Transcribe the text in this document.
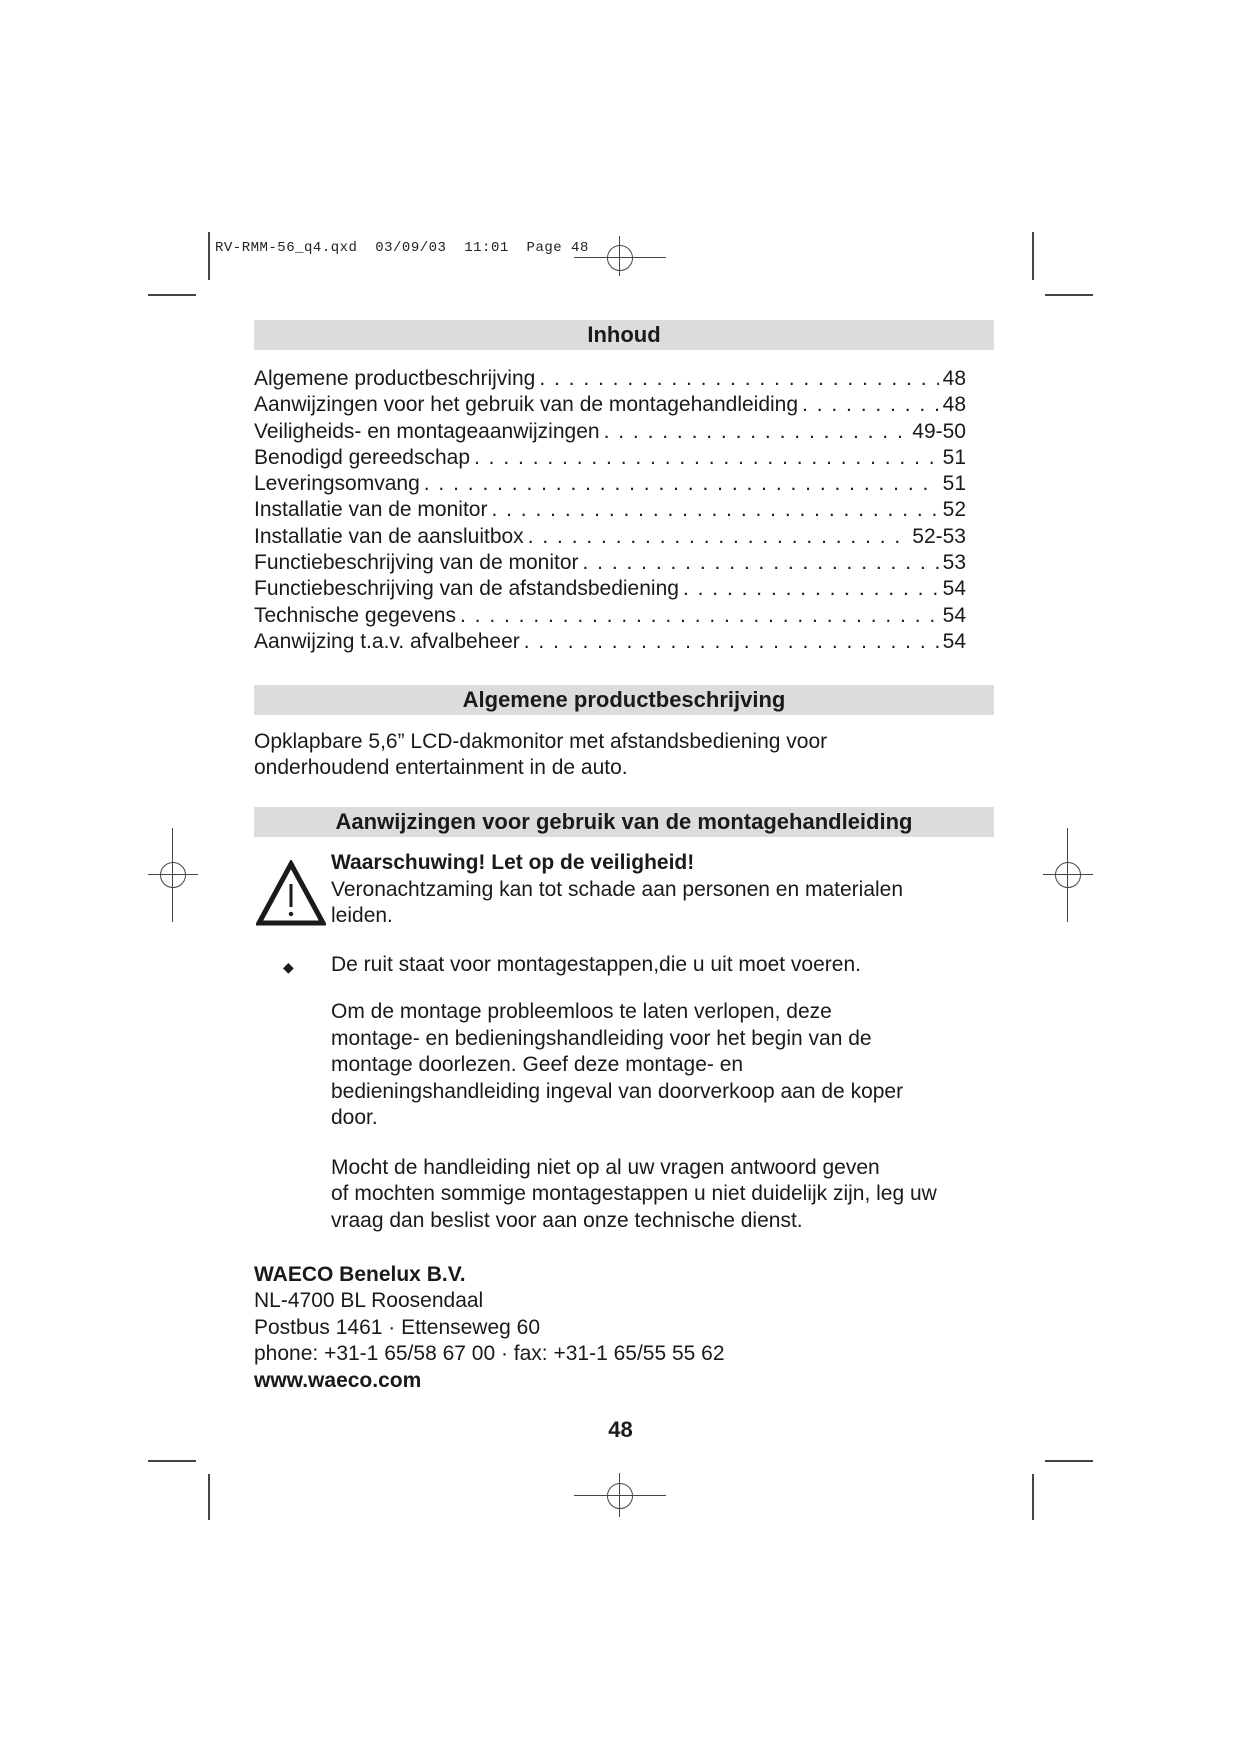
RV-RMM-56_q4.qxd  03/09/03  11:01  Page 48
Inhoud
Algemene productbeschrijving . . .	48
Aanwijzingen voor het gebruik van de montagehandleiding . . .	48
Veiligheids- en montageaanwijzingen . . .	49-50
Benodigd gereedschap . . .	51
Leveringsomvang . . .	51
Installatie van de monitor . . .	52
Installatie van de aansluitbox . . .	52-53
Functiebeschrijving van de monitor . . .	53
Functiebeschrijving van de afstandsbediening . . .	54
Technische gegevens . . .	54
Aanwijzing t.a.v. afvalbeheer . . .	54
Algemene productbeschrijving
Opklapbare 5,6” LCD-dakmonitor met afstandsbediening voor
onderhoudend entertainment in de auto.
Aanwijzingen voor gebruik van de montagehandleiding
Waarschuwing! Let op de veiligheid!
Veronachtzaming kan tot schade aan personen en materialen
leiden.
◆ De ruit staat voor montagestappen,die u uit moet voeren.
Om de montage probleemloos te laten verlopen, deze
montage- en bedieningshandleiding voor het begin van de
montage doorlezen. Geef deze montage- en
bedieningshandleiding ingeval van doorverkoop aan de koper
door.
Mocht de handleiding niet op al uw vragen antwoord geven
of mochten sommige montagestappen u niet duidelijk zijn, leg uw
vraag dan beslist voor aan onze technische dienst.
WAECO Benelux B.V.
NL-4700 BL Roosendaal
Postbus 1461 · Ettenseweg 60
phone: +31-1 65/58 67 00 · fax: +31-1 65/55 55 62
www.waeco.com
48
